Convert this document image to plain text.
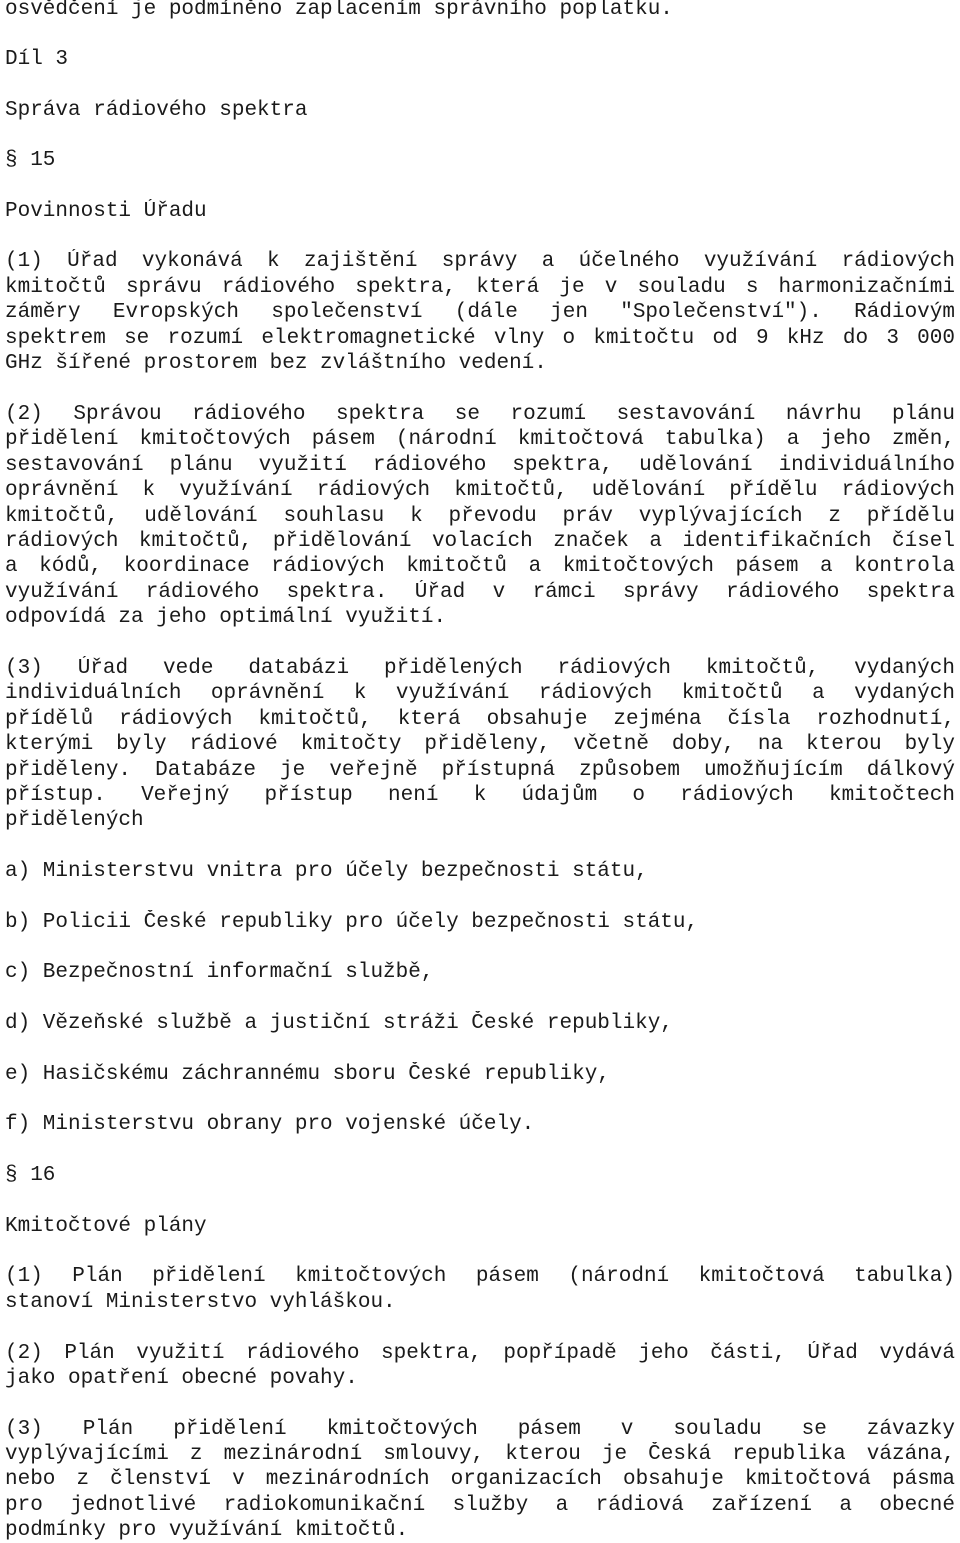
osvědčení je podmíněno zaplacením správního poplatku.
Díl 3
Správa rádiového spektra
§ 15
Povinnosti Úřadu
(1) Úřad vykonává k zajištění správy a účelného využívání rádiových
kmitočtů správu rádiového spektra, která je v souladu s harmonizačními
záměry Evropských společenství (dále jen "Společenství"). Rádiovým
spektrem se rozumí elektromagnetické vlny o kmitočtu od 9 kHz do 3 000
GHz šířené prostorem bez zvláštního vedení.
(2) Správou rádiového spektra se rozumí sestavování návrhu plánu
přidělení kmitočtových pásem (národní kmitočtová tabulka) a jeho změn,
sestavování plánu využití rádiového spektra, udělování individuálního
oprávnění k využívání rádiových kmitočtů, udělování přídělu rádiových
kmitočtů, udělování souhlasu k převodu práv vyplývajících z přídělu
rádiových kmitočtů, přidělování volacích značek a identifikačních čísel
a kódů, koordinace rádiových kmitočtů a kmitočtových pásem a kontrola
využívání rádiového spektra. Úřad v rámci správy rádiového spektra
odpovídá za jeho optimální využití.
(3) Úřad vede databázi přidělených rádiových kmitočtů, vydaných
individuálních oprávnění k využívání rádiových kmitočtů a vydaných
přídělů rádiových kmitočtů, která obsahuje zejména čísla rozhodnutí,
kterými byly rádiové kmitočty přiděleny, včetně doby, na kterou byly
přiděleny. Databáze je veřejně přístupná způsobem umožňujícím dálkový
přístup. Veřejný přístup není k údajům o rádiových kmitočtech
přidělených
a) Ministerstvu vnitra pro účely bezpečnosti státu,
b) Policii České republiky pro účely bezpečnosti státu,
c) Bezpečnostní informační službě,
d) Vězeňské službě a justiční stráži České republiky,
e) Hasičskému záchrannému sboru České republiky,
f) Ministerstvu obrany pro vojenské účely.
§ 16
Kmitočtové plány
(1) Plán přidělení kmitočtových pásem (národní kmitočtová tabulka)
stanoví Ministerstvo vyhláškou.
(2) Plán využití rádiového spektra, popřípadě jeho části, Úřad vydává
jako opatření obecné povahy.
(3) Plán přidělení kmitočtových pásem v souladu se závazky
vyplývajícími z mezinárodní smlouvy, kterou je Česká republika vázána,
nebo z členství v mezinárodních organizacích obsahuje kmitočtová pásma
pro jednotlivé radiokomunikační služby a rádiová zařízení a obecné
podmínky pro využívání kmitočtů.
